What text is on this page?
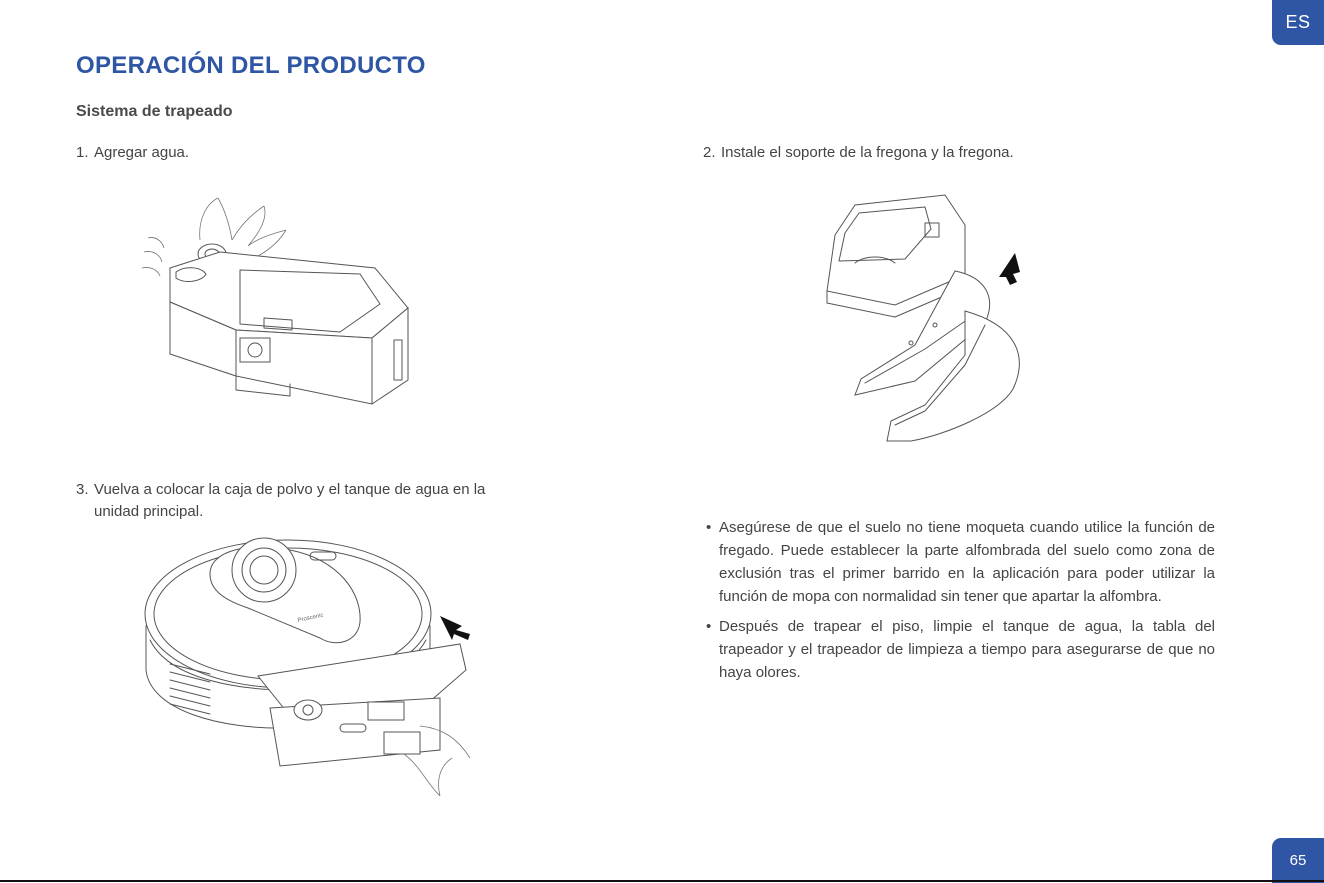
ES
OPERACIÓN DEL PRODUCTO
Sistema de trapeado

1. Agregar agua.	2. Instale el soporte de la fregona y la fregona.

3. Vuelva a colocar la caja de polvo y el tanque de agua en la
unidad principal.

Proscenic
• Asegúrese de que el suelo no tiene moqueta cuando utilice la función de fregado. Puede establecer la parte alfombrada del suelo como zona de exclusión tras el primer barrido en la aplicación para poder utilizar la función de mopa con normalidad sin tener que apartar la alfombra.
• Después de trapear el piso, limpie el tanque de agua, la tabla del trapeador y el trapeador de limpieza a tiempo para asegurarse de que no haya olores.
65
